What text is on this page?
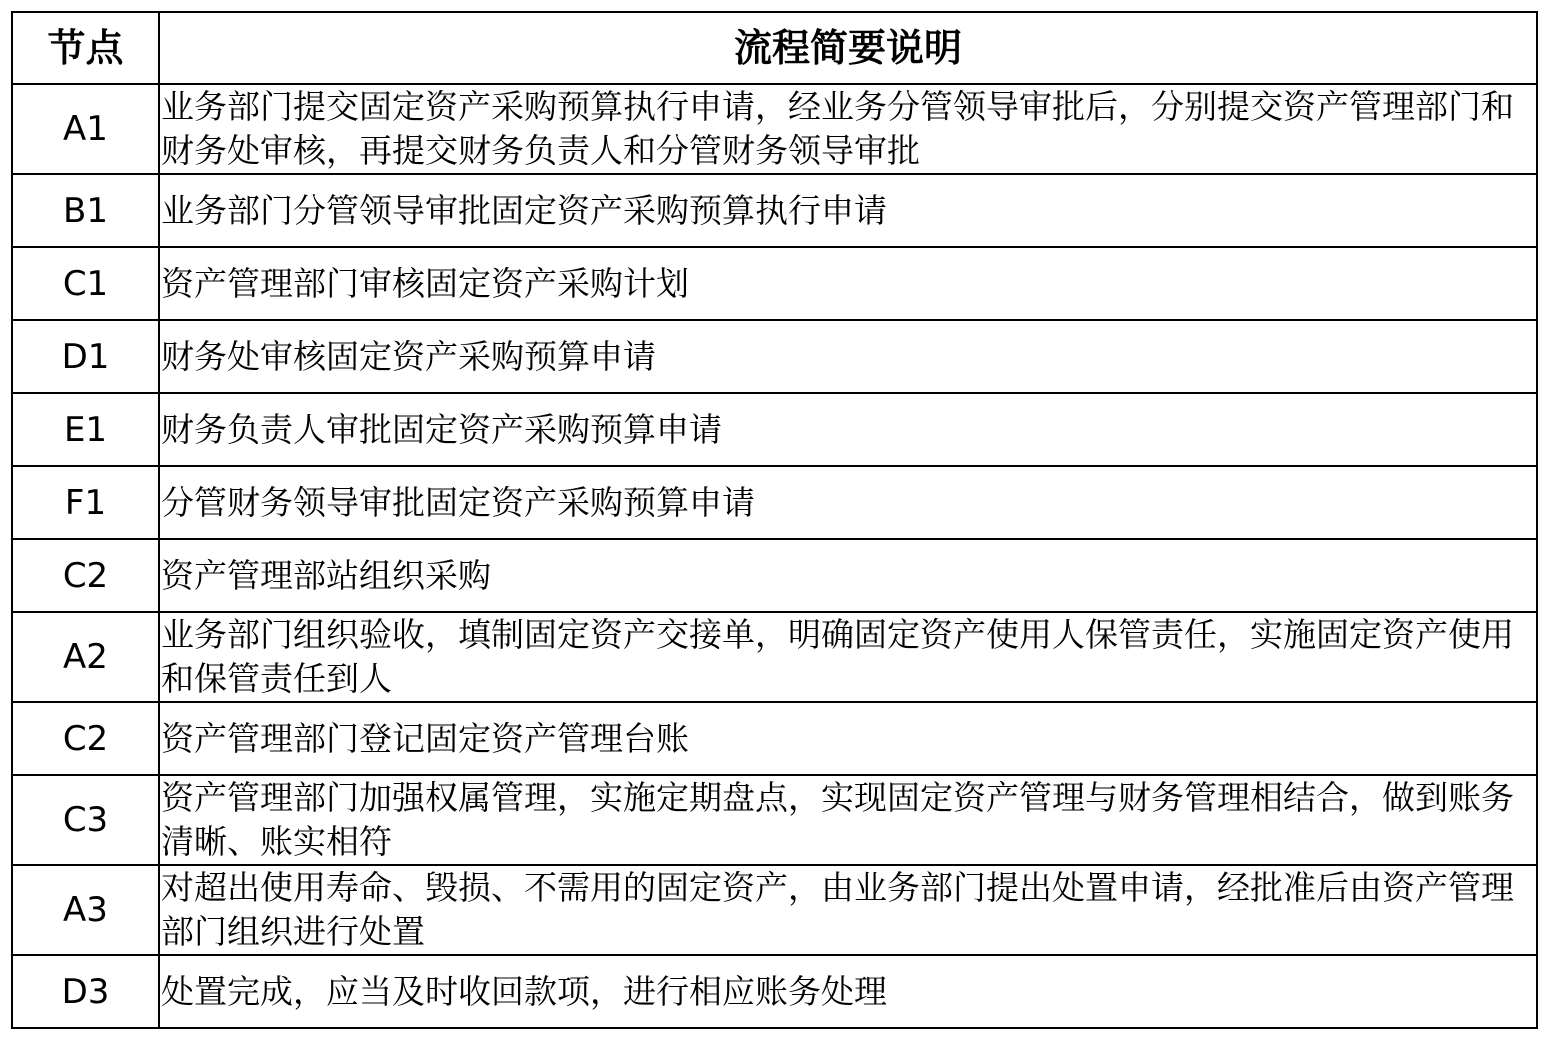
节点	流程简要说明
A1	业务部门提交固定资产采购预算执行申请，经业务分管领导审批后，分别提交资产管理部门和财务处审核，再提交财务负责人和分管财务领导审批
B1	业务部门分管领导审批固定资产采购预算执行申请
C1	资产管理部门审核固定资产采购计划
D1	财务处审核固定资产采购预算申请
E1	财务负责人审批固定资产采购预算申请
F1	分管财务领导审批固定资产采购预算申请
C2	资产管理部站组织采购
A2	业务部门组织验收，填制固定资产交接单，明确固定资产使用人保管责任，实施固定资产使用和保管责任到人
C2	资产管理部门登记固定资产管理台账
C3	资产管理部门加强权属管理，实施定期盘点，实现固定资产管理与财务管理相结合，做到账务清晰、账实相符
A3	对超出使用寿命、毁损、不需用的固定资产，由业务部门提出处置申请，经批准后由资产管理部门组织进行处置
D3	处置完成，应当及时收回款项，进行相应账务处理
